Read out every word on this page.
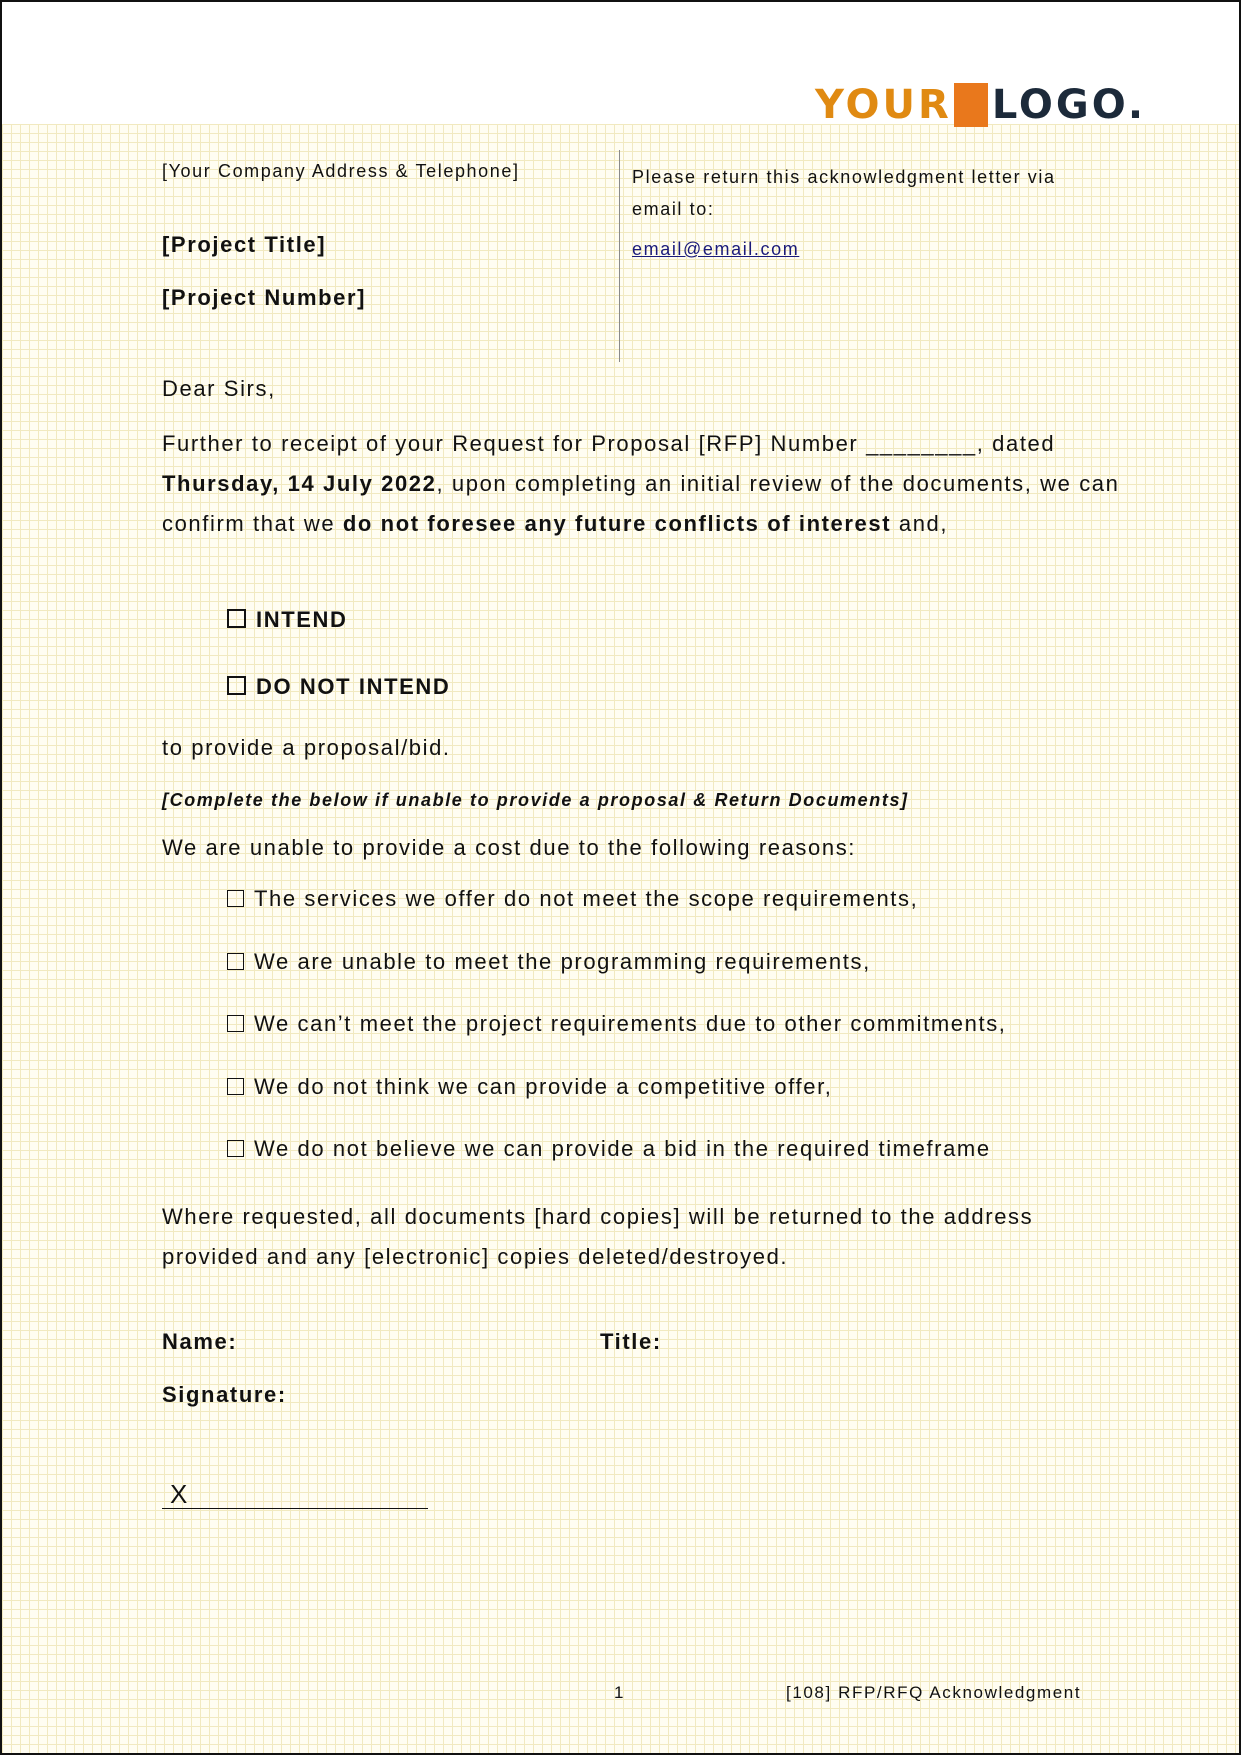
YOUR LOGO.
[Your Company Address & Telephone]	Please return this acknowledgment letter via email to:
email@email.com
[Project Title]
[Project Number]
Dear Sirs,
Further to receipt of your Request for Proposal [RFP] Number ________, dated Thursday, 14 July 2022, upon completing an initial review of the documents, we can confirm that we do not foresee any future conflicts of interest and,
INTEND
DO NOT INTEND
to provide a proposal/bid.
[Complete the below if unable to provide a proposal & Return Documents]
We are unable to provide a cost due to the following reasons:
The services we offer do not meet the scope requirements,
We are unable to meet the programming requirements,
We can’t meet the project requirements due to other commitments,
We do not think we can provide a competitive offer,
We do not believe we can provide a bid in the required timeframe
Where requested, all documents [hard copies] will be returned to the address provided and any [electronic] copies deleted/destroyed.
Name:	Title:
Signature:
X
1	[108] RFP/RFQ Acknowledgment
